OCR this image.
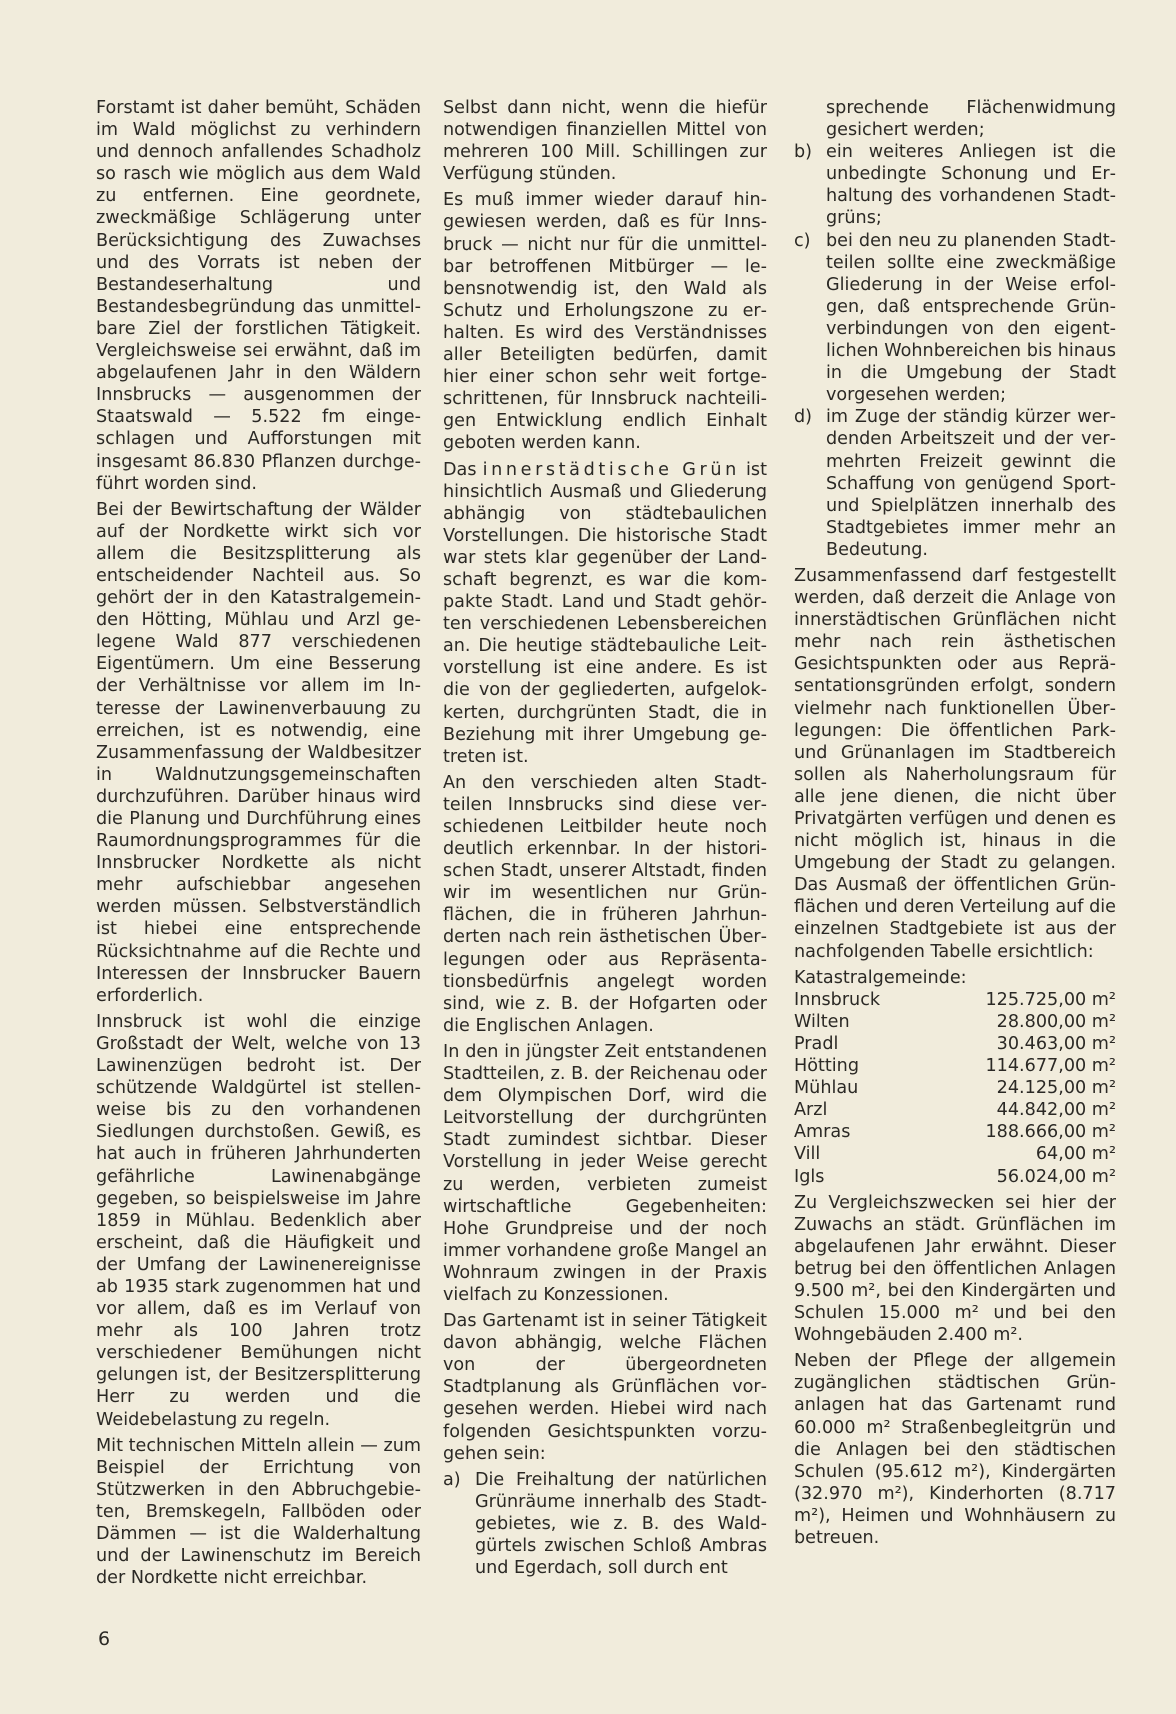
Forstamt ist daher bemüht, Schäden im Wald möglichst zu verhindern und dennoch anfallendes Schadholz so rasch wie möglich aus dem Wald zu entfernen. Eine geordnete, zweckmäßige Schlägerung unter Berücksichtigung des Zuwachses und des Vorrats ist neben der Bestandeserhaltung und Bestandesbegründung das unmittelbare Ziel der forstlichen Tätigkeit. Vergleichsweise sei erwähnt, daß im abgelaufenen Jahr in den Wäldern Innsbrucks — ausgenommen der Staatswald — 5.522 fm eingeschlagen und Aufforstungen mit insgesamt 86.830 Pflanzen durchgeführt worden sind.

Bei der Bewirtschaftung der Wälder auf der Nordkette wirkt sich vor allem die Besitzsplitterung als entscheidender Nachteil aus. So gehört der in den Katastralgemeinden Hötting, Mühlau und Arzl gelegene Wald 877 verschiedenen Eigentümern. Um eine Besserung der Verhältnisse vor allem im Interesse der Lawinenverbauung zu erreichen, ist es notwendig, eine Zusammenfassung der Waldbesitzer in Waldnutzungsgemeinschaften durchzuführen. Darüber hinaus wird die Planung und Durchführung eines Raumordnungsprogrammes für die Innsbrucker Nordkette als nicht mehr aufschiebbar angesehen werden müssen. Selbstverständlich ist hiebei eine entsprechende Rücksichtnahme auf die Rechte und Interessen der Innsbrucker Bauern erforderlich.

Innsbruck ist wohl die einzige Großstadt der Welt, welche von 13 Lawinenzügen bedroht ist. Der schützende Waldgürtel ist stellenweise bis zu den vorhandenen Siedlungen durchstoßen. Gewiß, es hat auch in früheren Jahrhunderten gefährliche Lawinenabgänge gegeben, so beispielsweise im Jahre 1859 in Mühlau. Bedenklich aber erscheint, daß die Häufigkeit und der Umfang der Lawinenereignisse ab 1935 stark zugenommen hat und vor allem, daß es im Verlauf von mehr als 100 Jahren trotz verschiedener Bemühungen nicht gelungen ist, der Besitzersplitterung Herr zu werden und die Weidebelastung zu regeln.

Mit technischen Mitteln allein — zum Beispiel der Errichtung von Stützwerken in den Abbruchgebieten, Bremskegeln, Fallböden oder Dämmen — ist die Walderhaltung und der Lawinenschutz im Bereich der Nordkette nicht erreichbar.

Selbst dann nicht, wenn die hiefür notwendigen finanziellen Mittel von mehreren 100 Mill. Schillingen zur Verfügung stünden.

Es muß immer wieder darauf hingewiesen werden, daß es für Innsbruck — nicht nur für die unmittelbar betroffenen Mitbürger — lebensnotwendig ist, den Wald als Schutz und Erholungszone zu erhalten. Es wird des Verständnisses aller Beteiligten bedürfen, damit hier einer schon sehr weit fortgeschrittenen, für Innsbruck nachteiligen Entwicklung endlich Einhalt geboten werden kann.

Das innerstädtische Grün ist hinsichtlich Ausmaß und Gliederung abhängig von städtebaulichen Vorstellungen. Die historische Stadt war stets klar gegenüber der Landschaft begrenzt, es war die kompakte Stadt. Land und Stadt gehörten verschiedenen Lebensbereichen an. Die heutige städtebauliche Leitvorstellung ist eine andere. Es ist die von der gegliederten, aufgelokkerten, durchgrünten Stadt, die in Beziehung mit ihrer Umgebung getreten ist.

An den verschieden alten Stadtteilen Innsbrucks sind diese verschiedenen Leitbilder heute noch deutlich erkennbar. In der historischen Stadt, unserer Altstadt, finden wir im wesentlichen nur Grünflächen, die in früheren Jahrhunderten nach rein ästhetischen Überlegungen oder aus Repräsentationsbedürfnis angelegt worden sind, wie z. B. der Hofgarten oder die Englischen Anlagen.

In den in jüngster Zeit entstandenen Stadtteilen, z. B. der Reichenau oder dem Olympischen Dorf, wird die Leitvorstellung der durchgrünten Stadt zumindest sichtbar. Dieser Vorstellung in jeder Weise gerecht zu werden, verbieten zumeist wirtschaftliche Gegebenheiten: Hohe Grundpreise und der noch immer vorhandene große Mangel an Wohnraum zwingen in der Praxis vielfach zu Konzessionen.

Das Gartenamt ist in seiner Tätigkeit davon abhängig, welche Flächen von der übergeordneten Stadtplanung als Grünflächen vorgesehen werden. Hiebei wird nach folgenden Gesichtspunkten vorzugehen sein:

a) Die Freihaltung der natürlichen Grünräume innerhalb des Stadtgebietes, wie z. B. des Waldgürtels zwischen Schloß Ambras und Egerdach, soll durch ent
sprechende Flächenwidmung gesichert werden;
b) ein weiteres Anliegen ist die unbedingte Schonung und Erhaltung des vorhandenen Stadtgrüns;
c) bei den neu zu planenden Stadtteilen sollte eine zweckmäßige Gliederung in der Weise erfolgen, daß entsprechende Grünverbindungen von den eigentlichen Wohnbereichen bis hinaus in die Umgebung der Stadt vorgesehen werden;
d) im Zuge der ständig kürzer werdenden Arbeitszeit und der vermehrten Freizeit gewinnt die Schaffung von genügend Sport- und Spielplätzen innerhalb des Stadtgebietes immer mehr an Bedeutung.

Zusammenfassend darf festgestellt werden, daß derzeit die Anlage von innerstädtischen Grünflächen nicht mehr nach rein ästhetischen Gesichtspunkten oder aus Repräsentationsgründen erfolgt, sondern vielmehr nach funktionellen Überlegungen: Die öffentlichen Park- und Grünanlagen im Stadtbereich sollen als Naherholungsraum für alle jene dienen, die nicht über Privatgärten verfügen und denen es nicht möglich ist, hinaus in die Umgebung der Stadt zu gelangen. Das Ausmaß der öffentlichen Grünflächen und deren Verteilung auf die einzelnen Stadtgebiete ist aus der nachfolgenden Tabelle ersichtlich:

Katastralgemeinde:
Innsbruck	125.725,00 m²
Wilten	28.800,00 m²
Pradl	30.463,00 m²
Hötting	114.677,00 m²
Mühlau	24.125,00 m²
Arzl	44.842,00 m²
Amras	188.666,00 m²
Vill	64,00 m²
Igls	56.024,00 m²

Zu Vergleichszwecken sei hier der Zuwachs an städt. Grünflächen im abgelaufenen Jahr erwähnt. Dieser betrug bei den öffentlichen Anlagen 9.500 m², bei den Kindergärten und Schulen 15.000 m² und bei den Wohngebäuden 2.400 m².

Neben der Pflege der allgemein zugänglichen städtischen Grünanlagen hat das Gartenamt rund 60.000 m² Straßenbegleitgrün und die Anlagen bei den städtischen Schulen (95.612 m²), Kindergärten (32.970 m²), Kinderhorten (8.717 m²), Heimen und Wohnhäusern zu betreuen.

6
